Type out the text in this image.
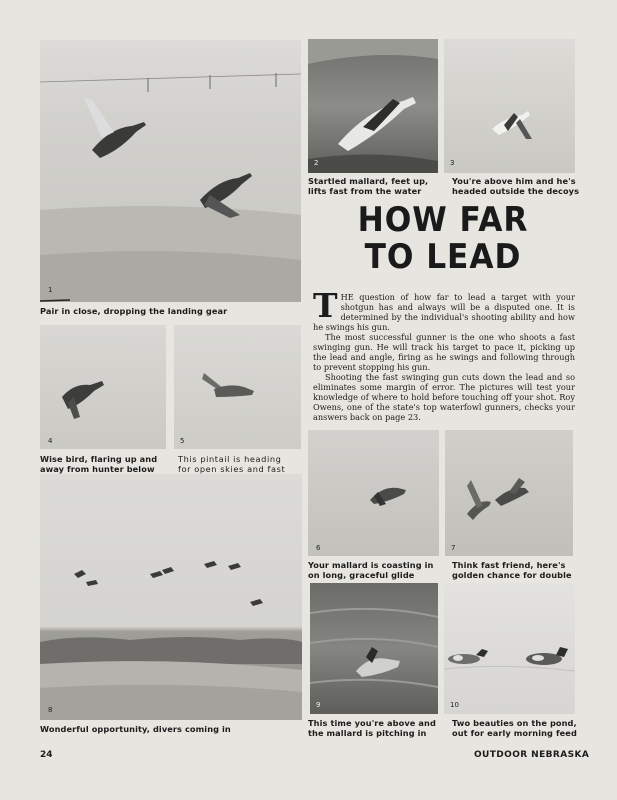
1
Pair in close, dropping the landing gear
2
Startled mallard, feet up,
lifts fast from the water
3
You're above him and he's
headed outside the decoys
HOW FAR
TO LEAD

THE question of how far to lead a target with your shotgun has and always will be a disputed one. It is determined by the individual's shooting ability and how he swings his gun.

The most successful gunner is the one who shoots a fast swinging gun. He will track his target to pace it, picking up the lead and angle, firing as he swings and following through to prevent stopping his gun.

Shooting the fast swinging gun cuts down the lead and so eliminates some margin of error. The pictures will test your knowledge of where to hold before touching off your shot. Roy Owens, one of the state's top waterfowl gunners, checks your answers back on page 23.

4
Wise bird, flaring up and
away from hunter below
5
This pintail is heading
for open skies and fast
6
Your mallard is coasting in
on long, graceful glide
7
Think fast friend, here's
golden chance for double
8
Wonderful opportunity, divers coming in
9
This time you're above and
the mallard is pitching in
10
Two beauties on the pond,
out for early morning feed
24	OUTDOOR NEBRASKA
